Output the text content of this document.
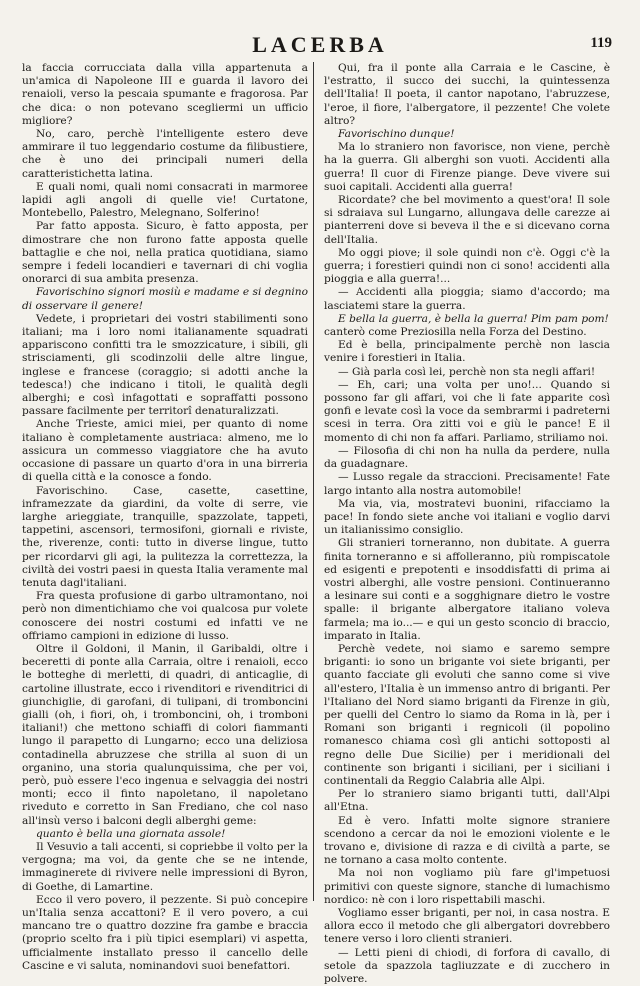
LACERBA	119

la faccia corrucciata dalla villa appartenuta a un'amica di Napoleone III e guarda il lavoro dei renaioli, verso la pescaia spumante e fragorosa. Par che dica: o non potevano scegliermi un ufficio migliore?

No, caro, perchè l'intelligente estero deve ammirare il tuo leggendario costume da filibustiere, che è uno dei principali numeri della caratteristichetta latina.

E quali nomi, quali nomi consacrati in marmoree lapidi agli angoli di quelle vie! Curtatone, Montebello, Palestro, Melegnano, Solferino!

Par fatto apposta. Sicuro, è fatto apposta, per dimostrare che non furono fatte apposta quelle battaglie e che noi, nella pratica quotidiana, siamo sempre i fedeli locandieri e tavernari di chi voglia onorarci di sua ambita presenza.

Favorischino signori mosiù e madame e si degnino di osservare il genere!

Vedete, i proprietari dei vostri stabilimenti sono italiani; ma i loro nomi italianamente squadrati appariscono confitti tra le smozzicature, i sibili, gli strisciamenti, gli scodinzolii delle altre lingue, inglese e francese (coraggio; si adotti anche la tedesca!) che indicano i titoli, le qualità degli alberghi; e così infagottati e sopraffatti possono passare facilmente per territorî denaturalizzati.

Anche Trieste, amici miei, per quanto di nome italiano è completamente austriaca: almeno, me lo assicura un commesso viaggiatore che ha avuto occasione di passare un quarto d'ora in una birreria di quella città e la conosce a fondo.

Favorischino. Case, casette, casettine, inframezzate da giardini, da volte di serre, vie larghe arieggiate, tranquille, spazzolate, tappeti, tappetini, ascensori, termosifoni, giornali e riviste, the, riverenze, conti: tutto in diverse lingue, tutto per ricordarvi gli agi, la pulitezza la correttezza, la civiltà dei vostri paesi in questa Italia veramente mal tenuta dagl'italiani.

Fra questa profusione di garbo ultramontano, noi però non dimentichiamo che voi qualcosa pur volete conoscere dei nostri costumi ed infatti ve ne offriamo campioni in edizione di lusso.

Oltre il Goldoni, il Manin, il Garibaldi, oltre i beceretti di ponte alla Carraia, oltre i renaioli, ecco le botteghe di merletti, di quadri, di anticaglie, di cartoline illustrate, ecco i rivenditori e rivenditrici di giunchiglie, di garofani, di tulipani, di tromboncini gialli (oh, i fiori, oh, i tromboncini, oh, i tromboni italiani!) che mettono schiaffi di colori fiammanti lungo il parapetto di Lungarno; ecco una deliziosa contadinella abruzzese che strilla al suon di un organino, una storia qualunquissima, che per voi, però, può essere l'eco ingenua e selvaggia dei nostri monti; ecco il finto napoletano, il napoletano riveduto e corretto in San Frediano, che col naso all'insù verso i balconi degli alberghi geme:

quanto è bella una giornata assole!

Il Vesuvio a tali accenti, si copriebbe il volto per la vergogna; ma voi, da gente che se ne intende, immaginerete di rivivere nelle impressioni di Byron, di Goethe, di Lamartine.

Ecco il vero povero, il pezzente. Si può concepire un'Italia senza accattoni? E il vero povero, a cui mancano tre o quattro dozzine fra gambe e braccia (proprio scelto fra i più tipici esemplari) vi aspetta, ufficialmente installato presso il cancello delle Cascine e vi saluta, nominandovi suoi benefattori.

Qui, fra il ponte alla Carraia e le Cascine, è l'estratto, il succo dei succhi, la quintessenza dell'Italia! Il poeta, il cantor napotano, l'abruzzese, l'eroe, il fiore, l'albergatore, il pezzente! Che volete altro?

Favorischino dunque!

Ma lo straniero non favorisce, non viene, perchè ha la guerra. Gli alberghi son vuoti. Accidenti alla guerra! Il cuor di Firenze piange. Deve vivere sui suoi capitali. Accidenti alla guerra!

Ricordate? che bel movimento a quest'ora! Il sole si sdraiava sul Lungarno, allungava delle carezze ai pianterreni dove si beveva il the e si dicevano corna dell'Italia.

Mo oggi piove; il sole quindi non c'è. Oggi c'è la guerra; i forestieri quindi non ci sono! accidenti alla pioggia e alla guerra!...

— Accidenti alla pioggia; siamo d'accordo; ma lasciatemi stare la guerra.

E bella la guerra, è bella la guerra! Pim pam pom!

canterò come Preziosilla nella Forza del Destino.

Ed è bella, principalmente perchè non lascia venire i forestieri in Italia.

— Già parla così lei, perchè non sta negli affari!

— Eh, cari; una volta per uno!... Quando si possono far gli affari, voi che li fate apparite così gonfi e levate così la voce da sembrarmi i padreterni scesi in terra. Ora zitti voi e giù le pance! E il momento di chi non fa affari. Parliamo, striliamo noi.

— Filosofia di chi non ha nulla da perdere, nulla da guadagnare.

— Lusso regale da straccioni. Precisamente! Fate largo intanto alla nostra automobile!

Ma via, via, mostratevi buonini, rifacciamo la pace! In fondo siete anche voi italiani e voglio darvi un italianissimo consiglio.

Gli stranieri torneranno, non dubitate. A guerra finita torneranno e si affolleranno, più rompiscatole ed esigenti e prepotenti e insoddisfatti di prima ai vostri alberghi, alle vostre pensioni. Continueranno a lesinare sui conti e a sogghignare dietro le vostre spalle: il brigante albergatore italiano voleva farmela; ma io...— e qui un gesto sconcio di braccio, imparato in Italia.

Perchè vedete, noi siamo e saremo sempre briganti: io sono un brigante voi siete briganti, per quanto facciate gli evoluti che sanno come si vive all'estero, l'Italia è un immenso antro di briganti. Per l'Italiano del Nord siamo briganti da Firenze in giù, per quelli del Centro lo siamo da Roma in là, per i Romani son briganti i regnicoli (il popolino romanesco chiama così gli antichi sottoposti al regno delle Due Sicilie) per i meridionali del continente son briganti i siciliani, per i siciliani i continentali da Reggio Calabria alle Alpi.

Per lo straniero siamo briganti tutti, dall'Alpi all'Etna.

Ed è vero. Infatti molte signore straniere scendono a cercar da noi le emozioni violente e le trovano e, divisione di razza e di civiltà a parte, se ne tornano a casa molto contente.

Ma noi non vogliamo più fare gl'impetuosi primitivi con queste signore, stanche di lumachismo nordico: nè con i loro rispettabili maschi.

Vogliamo esser briganti, per noi, in casa nostra. E allora ecco il metodo che gli albergatori dovrebbero tenere verso i loro clienti stranieri.

— Letti pieni di chiodi, di forfora di cavallo, di setole da spazzola tagliuzzate e di zucchero in polvere.
